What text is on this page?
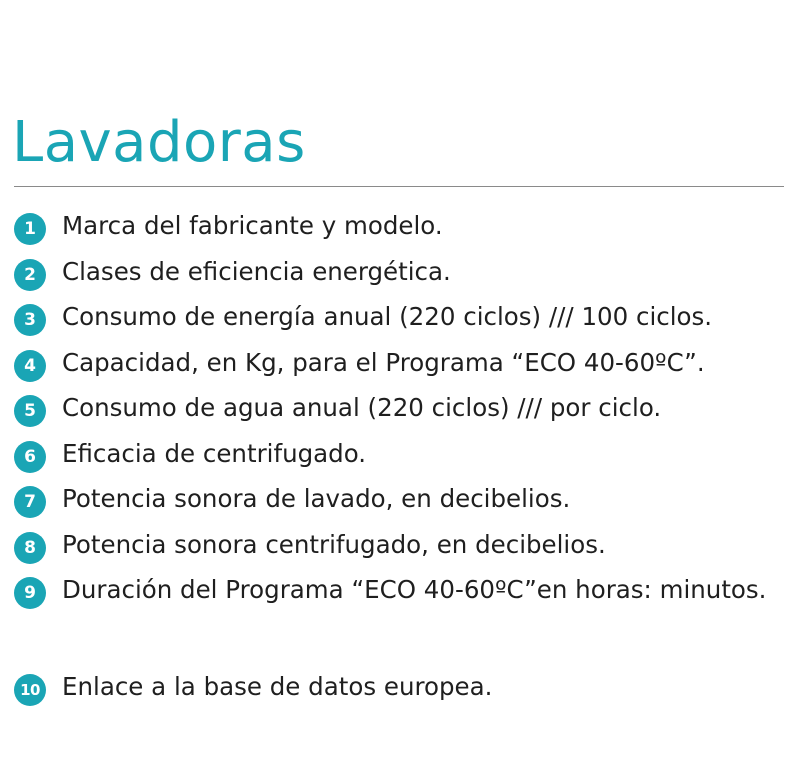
Lavadoras
1	Marca del fabricante y modelo.
2	Clases de eficiencia energética.
3	Consumo de energía anual (220 ciclos) /// 100 ciclos.
4	Capacidad, en Kg, para el Programa “ECO 40-60ºC”.
5	Consumo de agua anual (220 ciclos) /// por ciclo.
6	Eficacia de centrifugado.
7	Potencia sonora de lavado, en decibelios.
8	Potencia sonora centrifugado, en decibelios.
9	Duración del Programa “ECO 40-60ºC”en horas: minutos.
10 Enlace a la base de datos europea.
